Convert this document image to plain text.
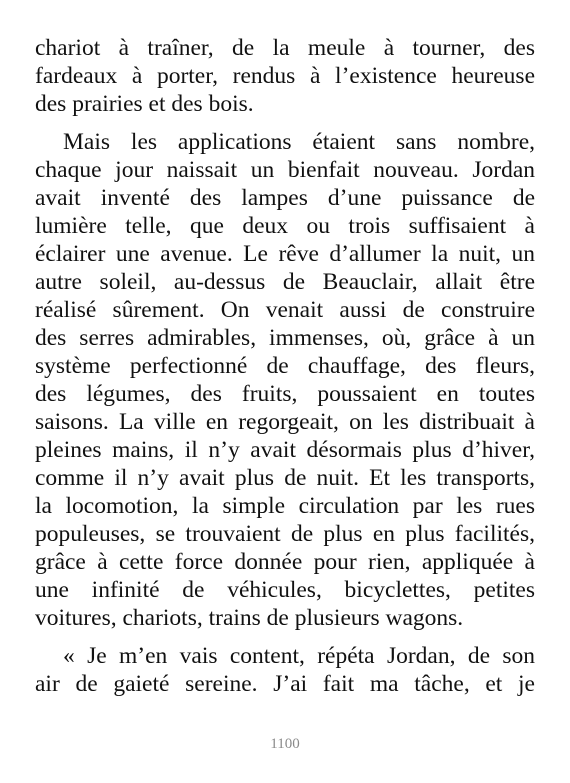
chariot à traîner, de la meule à tourner, des
fardeaux à porter, rendus à l’existence heureuse
des prairies et des bois.

Mais les applications étaient sans nombre,
chaque jour naissait un bienfait nouveau. Jordan
avait inventé des lampes d’une puissance de
lumière telle, que deux ou trois suffisaient à
éclairer une avenue. Le rêve d’allumer la nuit, un
autre soleil, au-dessus de Beauclair, allait être
réalisé sûrement. On venait aussi de construire
des serres admirables, immenses, où, grâce à un
système perfectionné de chauffage, des fleurs,
des légumes, des fruits, poussaient en toutes
saisons. La ville en regorgeait, on les distribuait à
pleines mains, il n’y avait désormais plus d’hiver,
comme il n’y avait plus de nuit. Et les transports,
la locomotion, la simple circulation par les rues
populeuses, se trouvaient de plus en plus facilités,
grâce à cette force donnée pour rien, appliquée à
une infinité de véhicules, bicyclettes, petites
voitures, chariots, trains de plusieurs wagons.

« Je m’en vais content, répéta Jordan, de son
air de gaieté sereine. J’ai fait ma tâche, et je

1100
